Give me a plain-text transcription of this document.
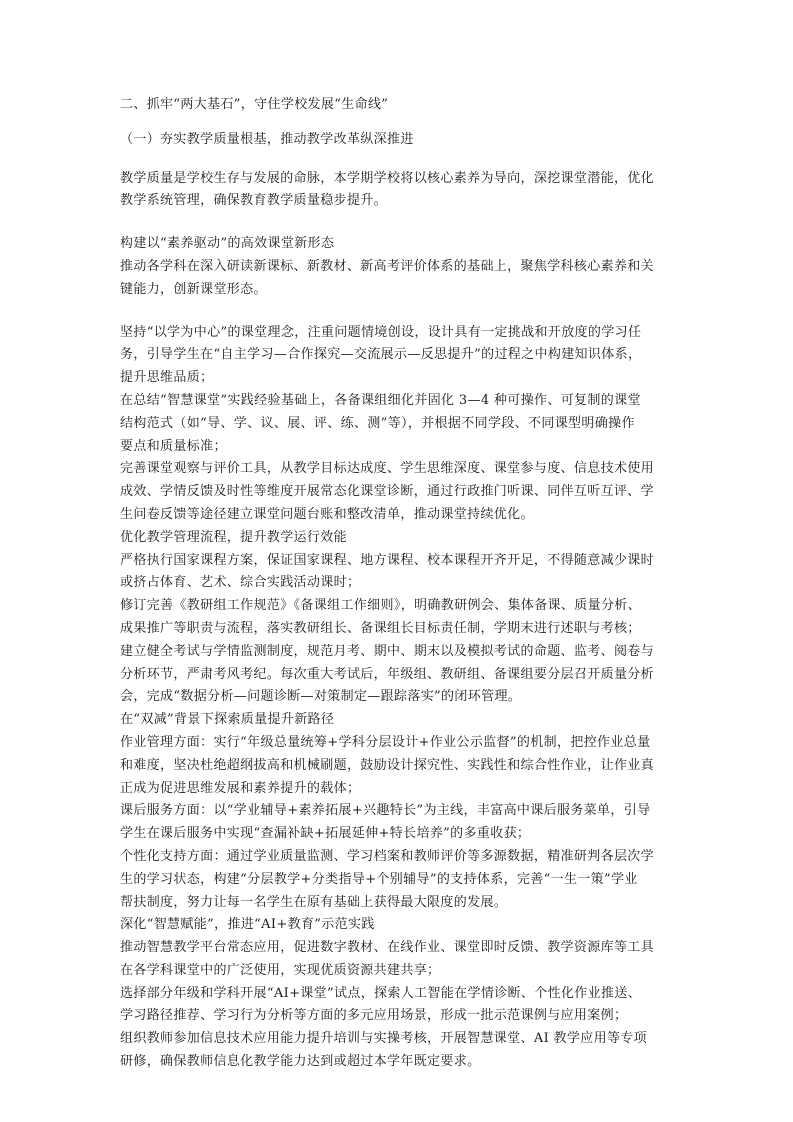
二、抓牢“两大基石”，守住学校发展“生命线”
（一）夯实教学质量根基，推动教学改革纵深推进
教学质量是学校生存与发展的命脉，本学期学校将以核心素养为导向，深挖课堂潜能，优化
教学系统管理，确保教育教学质量稳步提升。
构建以“素养驱动”的高效课堂新形态
推动各学科在深入研读新课标、新教材、新高考评价体系的基础上，聚焦学科核心素养和关
键能力，创新课堂形态。
坚持“以学为中心”的课堂理念，注重问题情境创设，设计具有一定挑战和开放度的学习任
务，引导学生在“自主学习—合作探究—交流展示—反思提升”的过程之中构建知识体系，
提升思维品质；
在总结“智慧课堂”实践经验基础上，各备课组细化并固化 3—4 种可操作、可复制的课堂
结构范式（如“导、学、议、展、评、练、测”等），并根据不同学段、不同课型明确操作
要点和质量标准；
完善课堂观察与评价工具，从教学目标达成度、学生思维深度、课堂参与度、信息技术使用
成效、学情反馈及时性等维度开展常态化课堂诊断，通过行政推门听课、同伴互听互评、学
生问卷反馈等途径建立课堂问题台账和整改清单，推动课堂持续优化。
优化教学管理流程，提升教学运行效能
严格执行国家课程方案，保证国家课程、地方课程、校本课程开齐开足，不得随意减少课时
或挤占体育、艺术、综合实践活动课时；
修订完善《教研组工作规范》《备课组工作细则》，明确教研例会、集体备课、质量分析、
成果推广等职责与流程，落实教研组长、备课组长目标责任制，学期末进行述职与考核；
建立健全考试与学情监测制度，规范月考、期中、期末以及模拟考试的命题、监考、阅卷与
分析环节，严肃考风考纪。每次重大考试后，年级组、教研组、备课组要分层召开质量分析
会，完成“数据分析—问题诊断—对策制定—跟踪落实”的闭环管理。
在“双减”背景下探索质量提升新路径
作业管理方面：实行“年级总量统筹+学科分层设计+作业公示监督”的机制，把控作业总量
和难度，坚决杜绝超纲拔高和机械刷题，鼓励设计探究性、实践性和综合性作业，让作业真
正成为促进思维发展和素养提升的载体；
课后服务方面：以“学业辅导+素养拓展+兴趣特长”为主线，丰富高中课后服务菜单，引导
学生在课后服务中实现“查漏补缺+拓展延伸+特长培养”的多重收获；
个性化支持方面：通过学业质量监测、学习档案和教师评价等多源数据，精准研判各层次学
生的学习状态，构建“分层教学+分类指导+个别辅导”的支持体系，完善“一生一策”学业
帮扶制度，努力让每一名学生在原有基础上获得最大限度的发展。
深化“智慧赋能”，推进“AI+教育”示范实践
推动智慧教学平台常态应用，促进数字教材、在线作业、课堂即时反馈、教学资源库等工具
在各学科课堂中的广泛使用，实现优质资源共建共享；
选择部分年级和学科开展“AI+课堂”试点，探索人工智能在学情诊断、个性化作业推送、
学习路径推荐、学习行为分析等方面的多元应用场景，形成一批示范课例与应用案例；
组织教师参加信息技术应用能力提升培训与实操考核，开展智慧课堂、AI 教学应用等专项
研修，确保教师信息化教学能力达到或超过本学年既定要求。
